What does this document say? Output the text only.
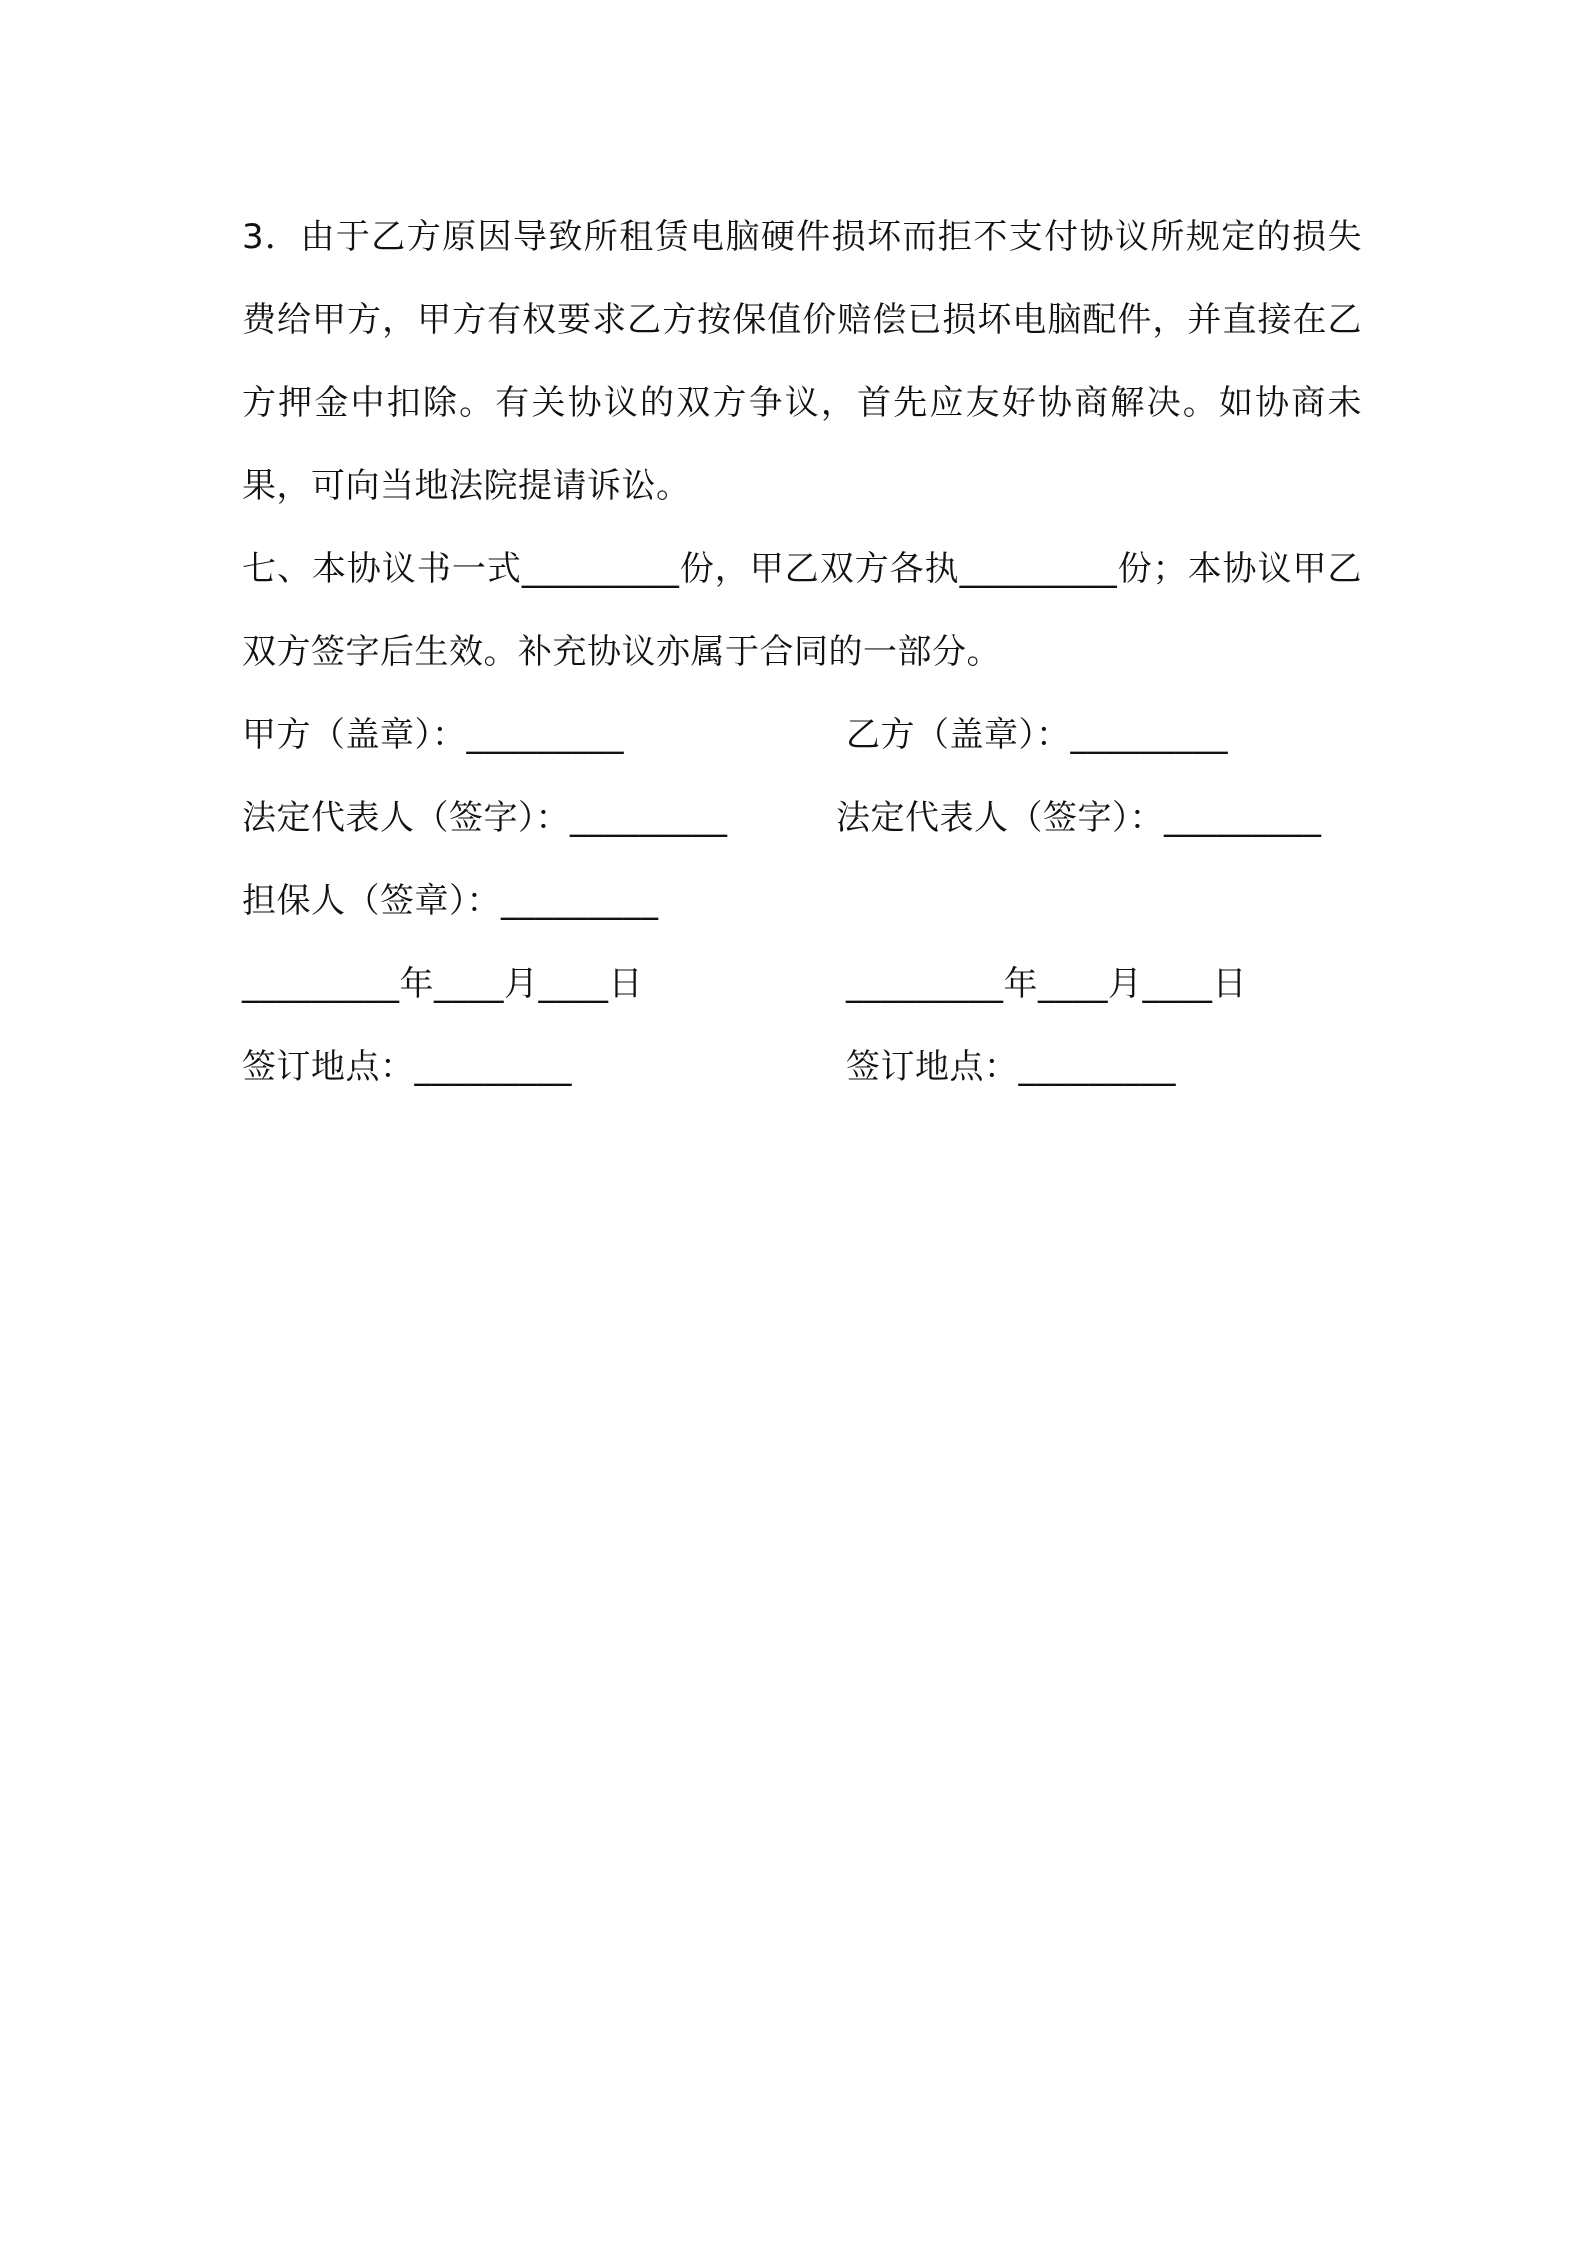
3．由于乙方原因导致所租赁电脑硬件损坏而拒不支付协议所规定的损失费给甲方，甲方有权要求乙方按保值价赔偿已损坏电脑配件，并直接在乙方押金中扣除。有关协议的双方争议，首先应友好协商解决。如协商未果，可向当地法院提请诉讼。

七、本协议书一式_________份，甲乙双方各执_________份；本协议甲乙双方签字后生效。补充协议亦属于合同的一部分。

甲方（盖章）：_________	乙方（盖章）：_________
法定代表人（签字）：_________	法定代表人（签字）：_________
担保人（签章）：_________
_________年____月____日	_________年____月____日
签订地点：_________	签订地点：_________
